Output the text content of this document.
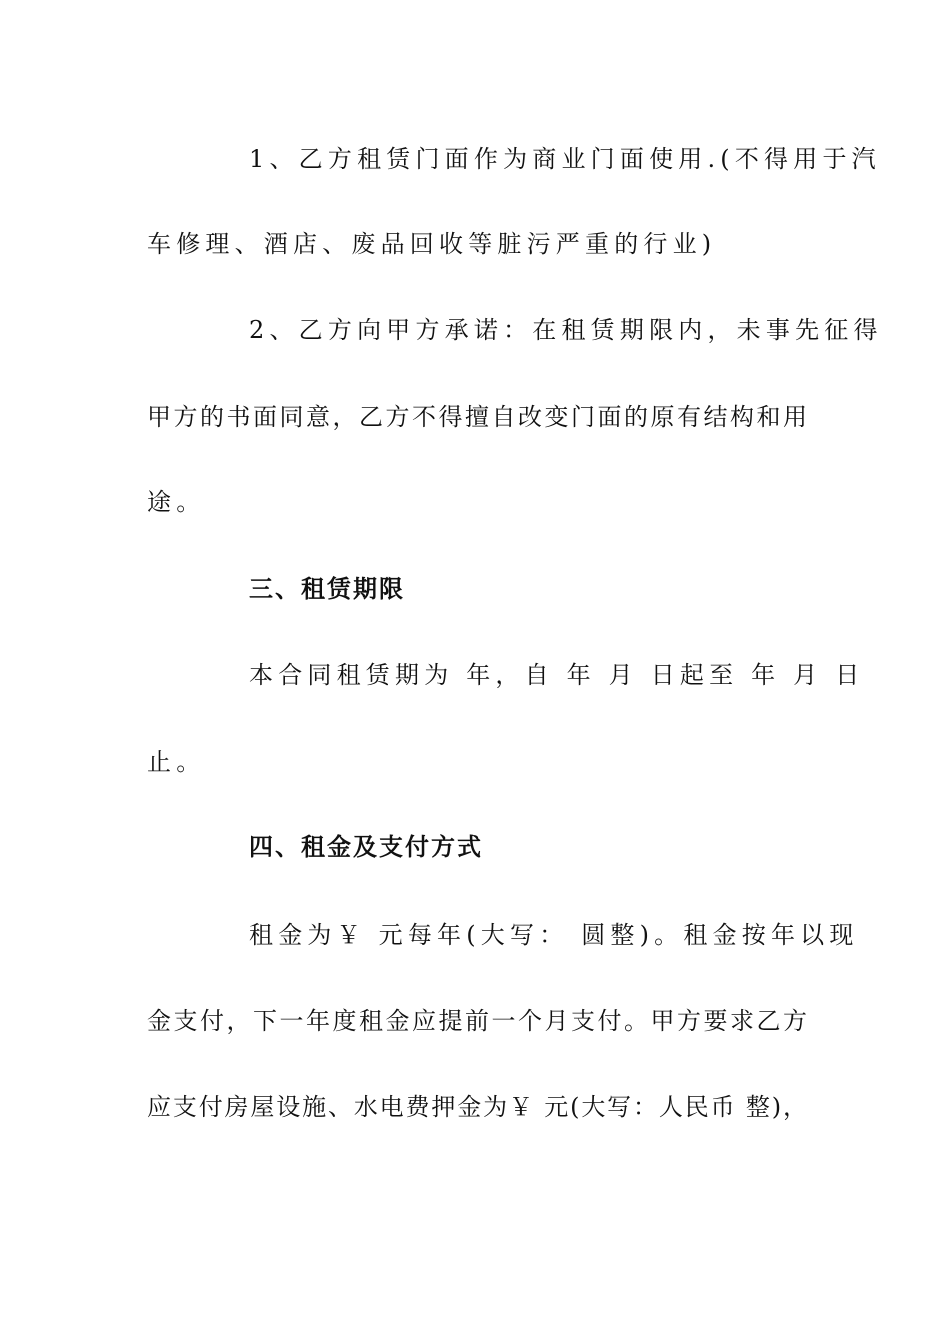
1、乙方租赁门面作为商业门面使用.(不得用于汽
车修理、酒店、废品回收等脏污严重的行业)
2、乙方向甲方承诺：在租赁期限内，未事先征得
甲方的书面同意，乙方不得擅自改变门面的原有结构和用
途。
三、租赁期限
本合同租赁期为 年，自 年 月 日起至 年 月 日
止。
四、租金及支付方式
租金为￥ 元每年(大写： 圆整)。租金按年以现
金支付，下一年度租金应提前一个月支付。甲方要求乙方
应支付房屋设施、水电费押金为￥ 元(大写：人民币 整)，
